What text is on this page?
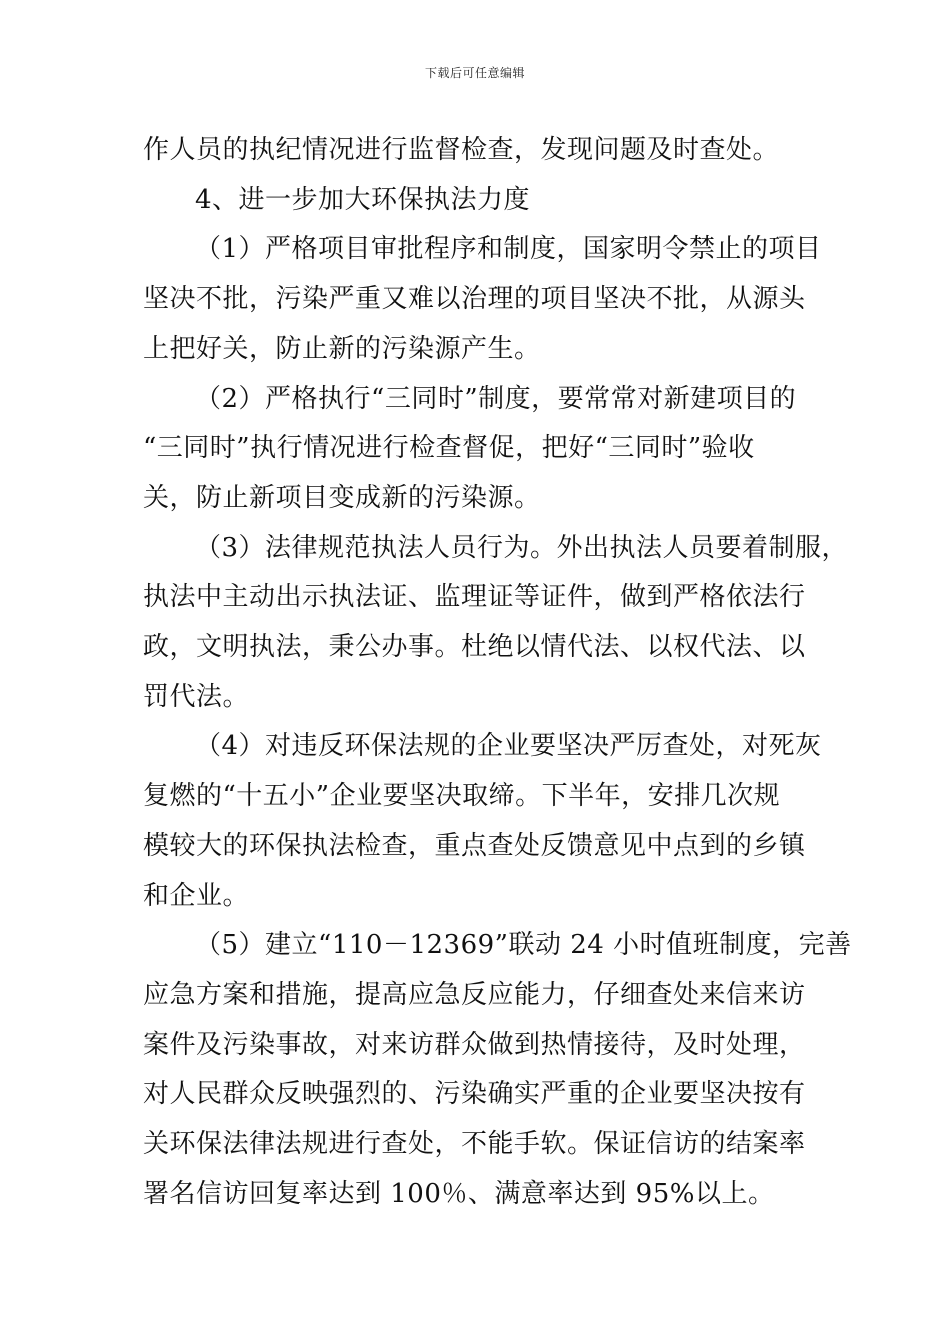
下载后可任意编辑

作人员的执纪情况进行监督检查，发现问题及时查处。

4、进一步加大环保执法力度

（1）严格项目审批程序和制度，国家明令禁止的项目
坚决不批，污染严重又难以治理的项目坚决不批，从源头
上把好关，防止新的污染源产生。

（2）严格执行“三同时”制度，要常常对新建项目的
“三同时”执行情况进行检查督促，把好“三同时”验收
关，防止新项目变成新的污染源。

（3）法律规范执法人员行为。外出执法人员要着制服，
执法中主动出示执法证、监理证等证件，做到严格依法行
政，文明执法，秉公办事。杜绝以情代法、以权代法、以
罚代法。

（4）对违反环保法规的企业要坚决严厉查处，对死灰
复燃的“十五小”企业要坚决取缔。下半年，安排几次规
模较大的环保执法检查，重点查处反馈意见中点到的乡镇
和企业。

（5）建立“110－12369”联动 24 小时值班制度，完善
应急方案和措施，提高应急反应能力，仔细查处来信来访
案件及污染事故，对来访群众做到热情接待，及时处理，
对人民群众反映强烈的、污染确实严重的企业要坚决按有
关环保法律法规进行查处，不能手软。保证信访的结案率
署名信访回复率达到 100％、满意率达到 95%以上。
